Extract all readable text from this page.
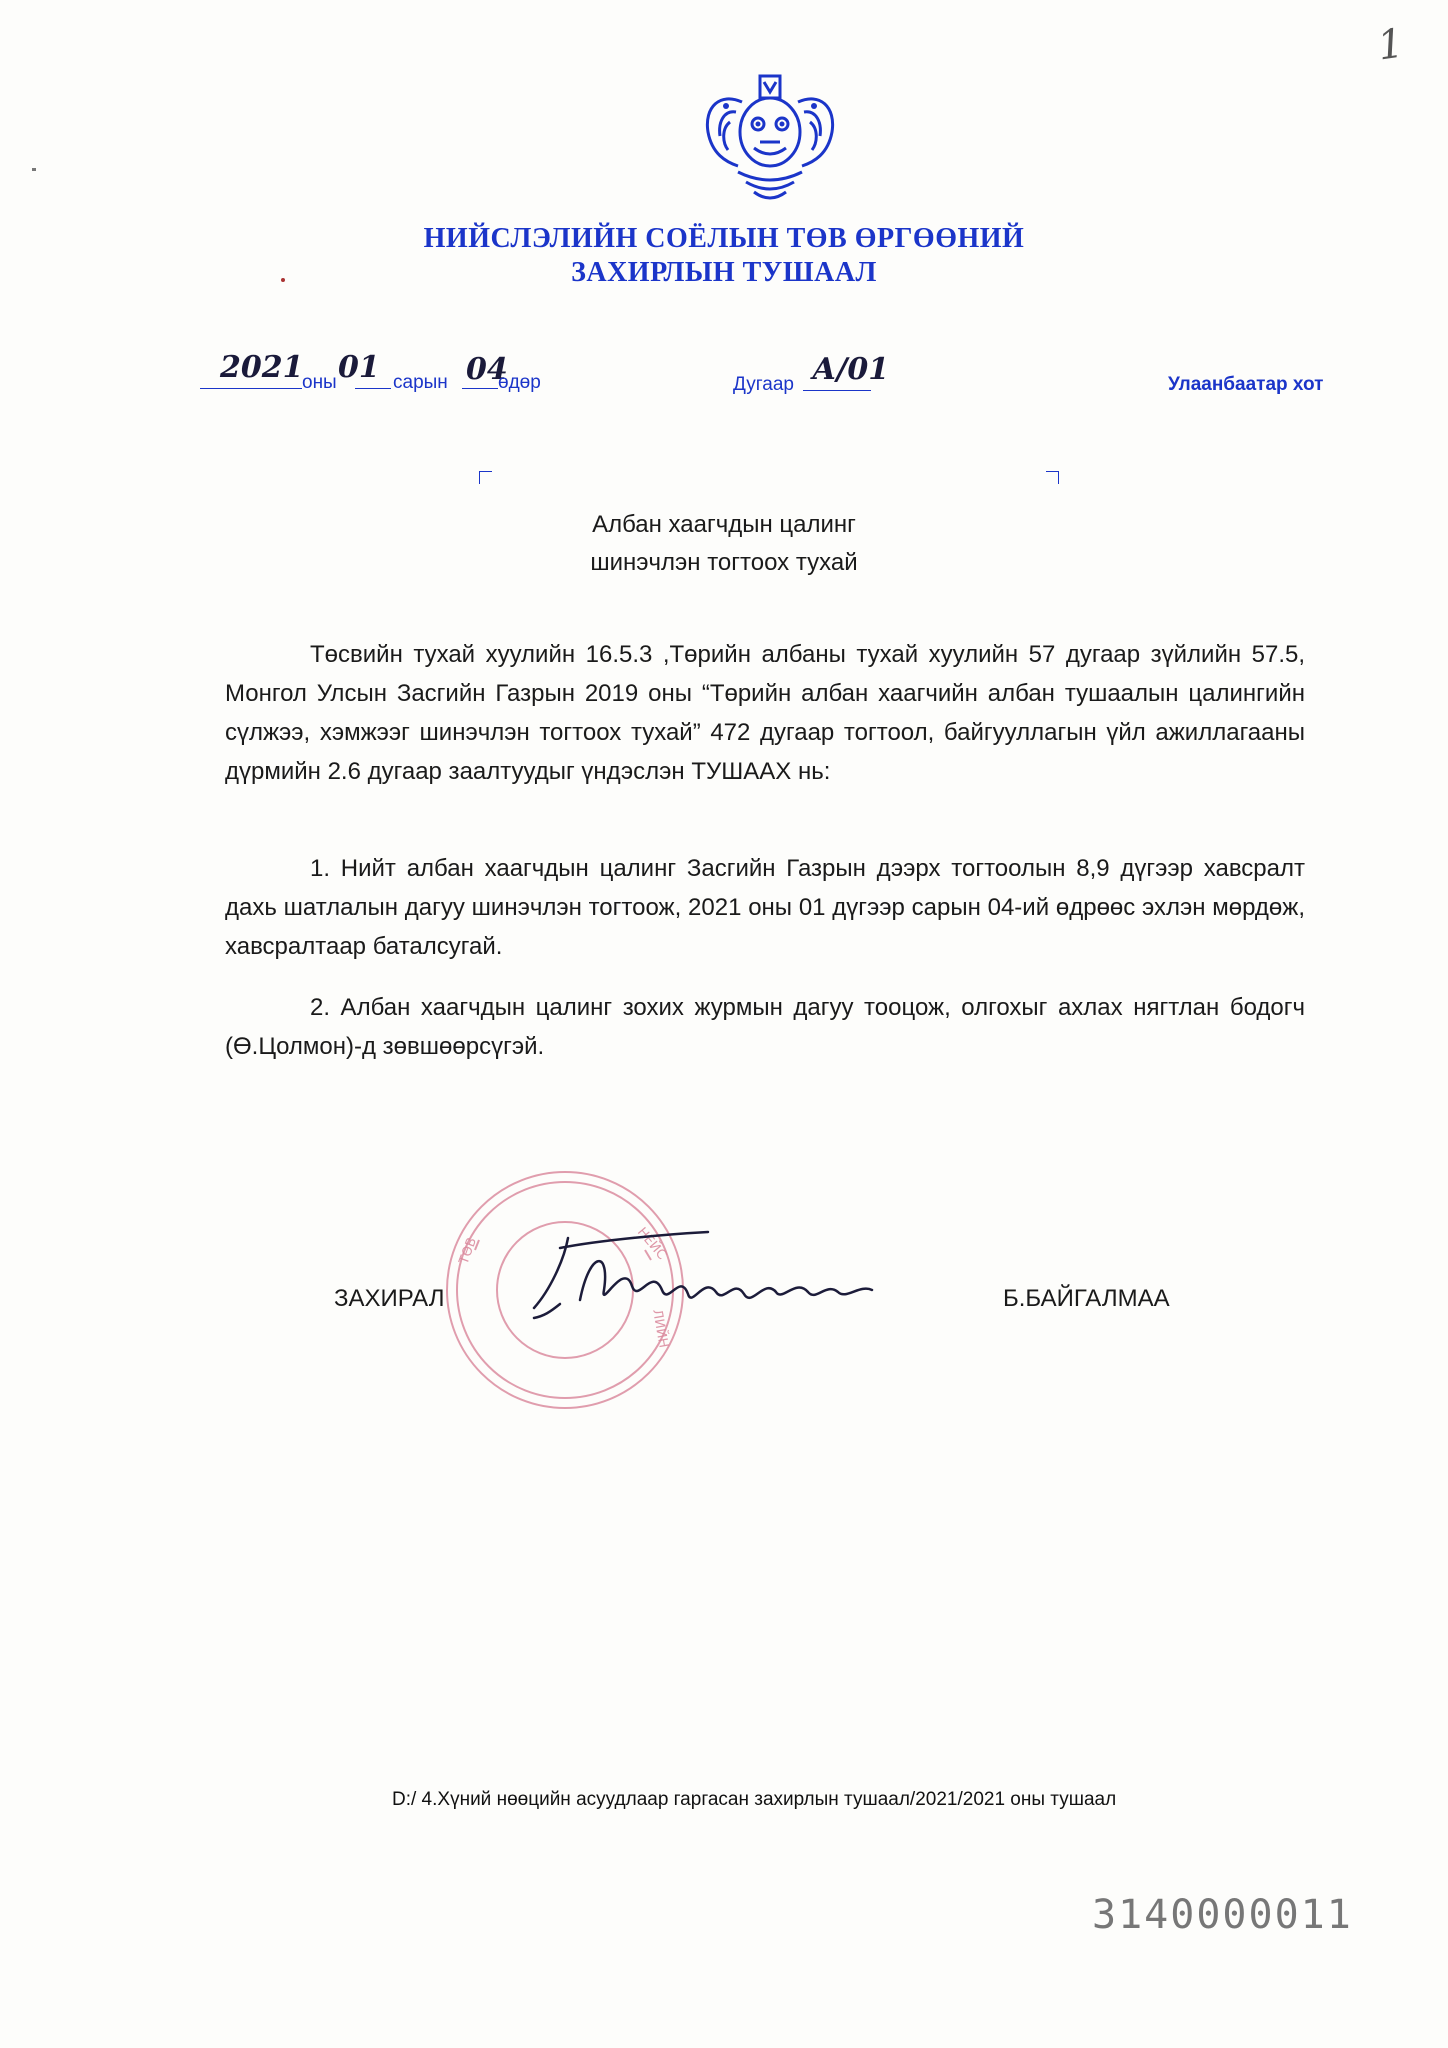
1
НИЙСЛЭЛИЙН СОЁЛЫН ТӨВ ӨРГӨӨНИЙ
ЗАХИРЛЫН ТУШААЛ
2021
оны 01 сарын 04
өдөр	Дугаар А/01	Улаанбаатар хот
Албан хаагчдын цалинг
шинэчлэн тогтоох тухай
Төсвийн тухай хуулийн 16.5.3 ,Төрийн албаны тухай хуулийн 57 дугаар зүйлийн 57.5, Монгол Улсын Засгийн Газрын 2019 оны “Төрийн албан хаагчийн албан тушаалын цалингийн сүлжээ, хэмжээг шинэчлэн тогтоох тухай” 472 дугаар тогтоол, байгууллагын үйл ажиллагааны дүрмийн 2.6 дугаар заалтуудыг үндэслэн ТУШААХ нь:
1. Нийт албан хаагчдын цалинг Засгийн Газрын дээрх тогтоолын 8,9 дүгээр хавсралт дахь шатлалын дагуу шинэчлэн тогтоож, 2021 оны 01 дүгээр сарын 04-ий өдрөөс эхлэн мөрдөж, хавсралтаар баталсугай.
2. Албан хаагчдын цалинг зохих журмын дагуу тооцож, олгохыг ахлах нягтлан бодогч (Ө.Цолмон)-д зөвшөөрсүгэй.
ТӨВ	НЕЙС
ЛИЙН
ЗАХИРАЛ	Б.БАЙГАЛМАА
D:/ 4.Хүний нөөцийн асуудлаар гаргасан захирлын тушаал/2021/2021 оны тушаал
3140000011
